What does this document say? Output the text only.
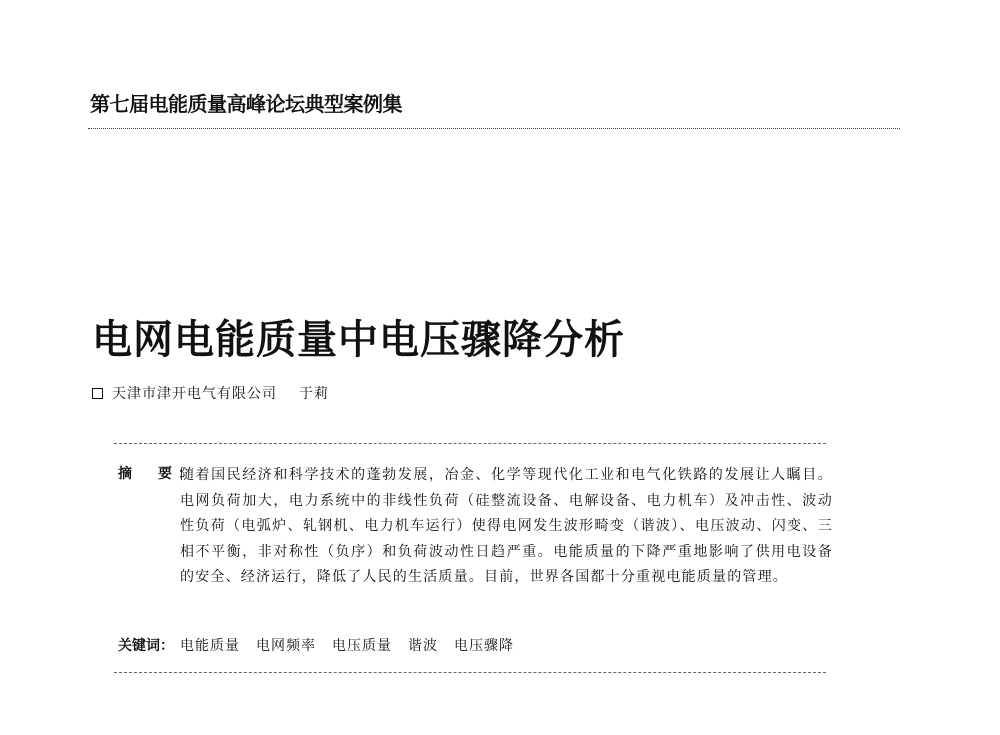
第七届电能质量高峰论坛典型案例集
电网电能质量中电压骤降分析
天津市津开电气有限公司 于莉
摘　要：
随着国民经济和科学技术的蓬勃发展，冶金、化学等现代化工业和电气化铁路的发展让人瞩目。电网负荷加大，电力系统中的非线性负荷（硅整流设备、电解设备、电力机车）及冲击性、波动性负荷（电弧炉、轧钢机、电力机车运行）使得电网发生波形畸变（谐波）、电压波动、闪变、三相不平衡，非对称性（负序）和负荷波动性日趋严重。电能质量的下降严重地影响了供用电设备的安全、经济运行，降低了人民的生活质量。目前，世界各国都十分重视电能质量的管理。
关键词： 电能质量 电网频率 电压质量 谐波 电压骤降
